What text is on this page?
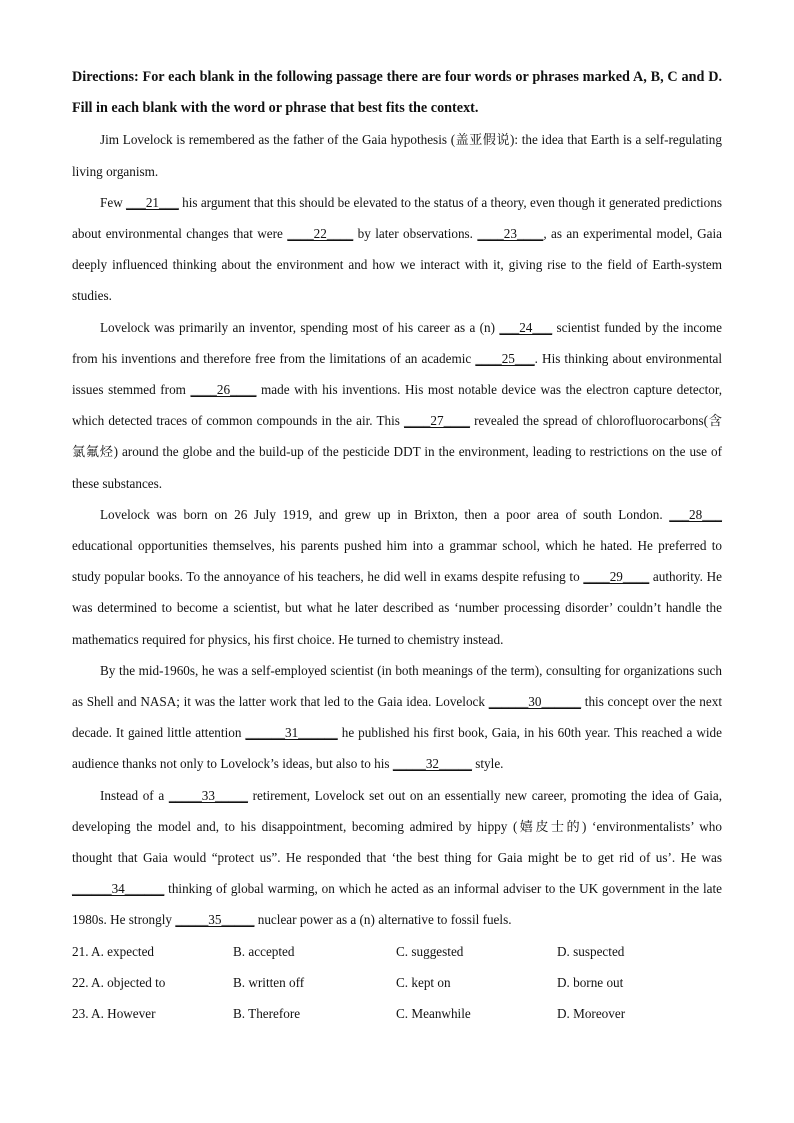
Directions: For each blank in the following passage there are four words or phrases marked A, B, C and D. Fill in each blank with the word or phrase that best fits the context.
Jim Lovelock is remembered as the father of the Gaia hypothesis (盖亚假说): the idea that Earth is a self-regulating living organism.
Few ___21___ his argument that this should be elevated to the status of a theory, even though it generated predictions about environmental changes that were ____22____ by later observations. ____23____, as an experimental model, Gaia deeply influenced thinking about the environment and how we interact with it, giving rise to the field of Earth-system studies.
Lovelock was primarily an inventor, spending most of his career as a (n) ___24___ scientist funded by the income from his inventions and therefore free from the limitations of an academic ____25___. His thinking about environmental issues stemmed from ____26____ made with his inventions. His most notable device was the electron capture detector, which detected traces of common compounds in the air. This ____27____ revealed the spread of chlorofluorocarbons(含氯氟烃) around the globe and the build-up of the pesticide DDT in the environment, leading to restrictions on the use of these substances.
Lovelock was born on 26 July 1919, and grew up in Brixton, then a poor area of south London. ___28___ educational opportunities themselves, his parents pushed him into a grammar school, which he hated. He preferred to study popular books. To the annoyance of his teachers, he did well in exams despite refusing to ____29____ authority. He was determined to become a scientist, but what he later described as ‘number processing disorder’ couldn’t handle the mathematics required for physics, his first choice. He turned to chemistry instead.
By the mid-1960s, he was a self-employed scientist (in both meanings of the term), consulting for organizations such as Shell and NASA; it was the latter work that led to the Gaia idea. Lovelock ______30______ this concept over the next decade. It gained little attention ______31______ he published his first book, Gaia, in his 60th year. This reached a wide audience thanks not only to Lovelock’s ideas, but also to his _____32_____ style.
Instead of a _____33_____ retirement, Lovelock set out on an essentially new career, promoting the idea of Gaia, developing the model and, to his disappointment, becoming admired by hippy (嬉皮士的) ‘environmentalists’ who thought that Gaia would “protect us”. He responded that ‘the best thing for Gaia might be to get rid of us’. He was ______34______ thinking of global warming, on which he acted as an informal adviser to the UK government in the late 1980s. He strongly _____35_____ nuclear power as a (n) alternative to fossil fuels.
21. A. expected	B. accepted	C. suggested	D. suspected
22. A. objected to	B. written off	C. kept on	D. borne out
23. A. However	B. Therefore	C. Meanwhile	D. Moreover
